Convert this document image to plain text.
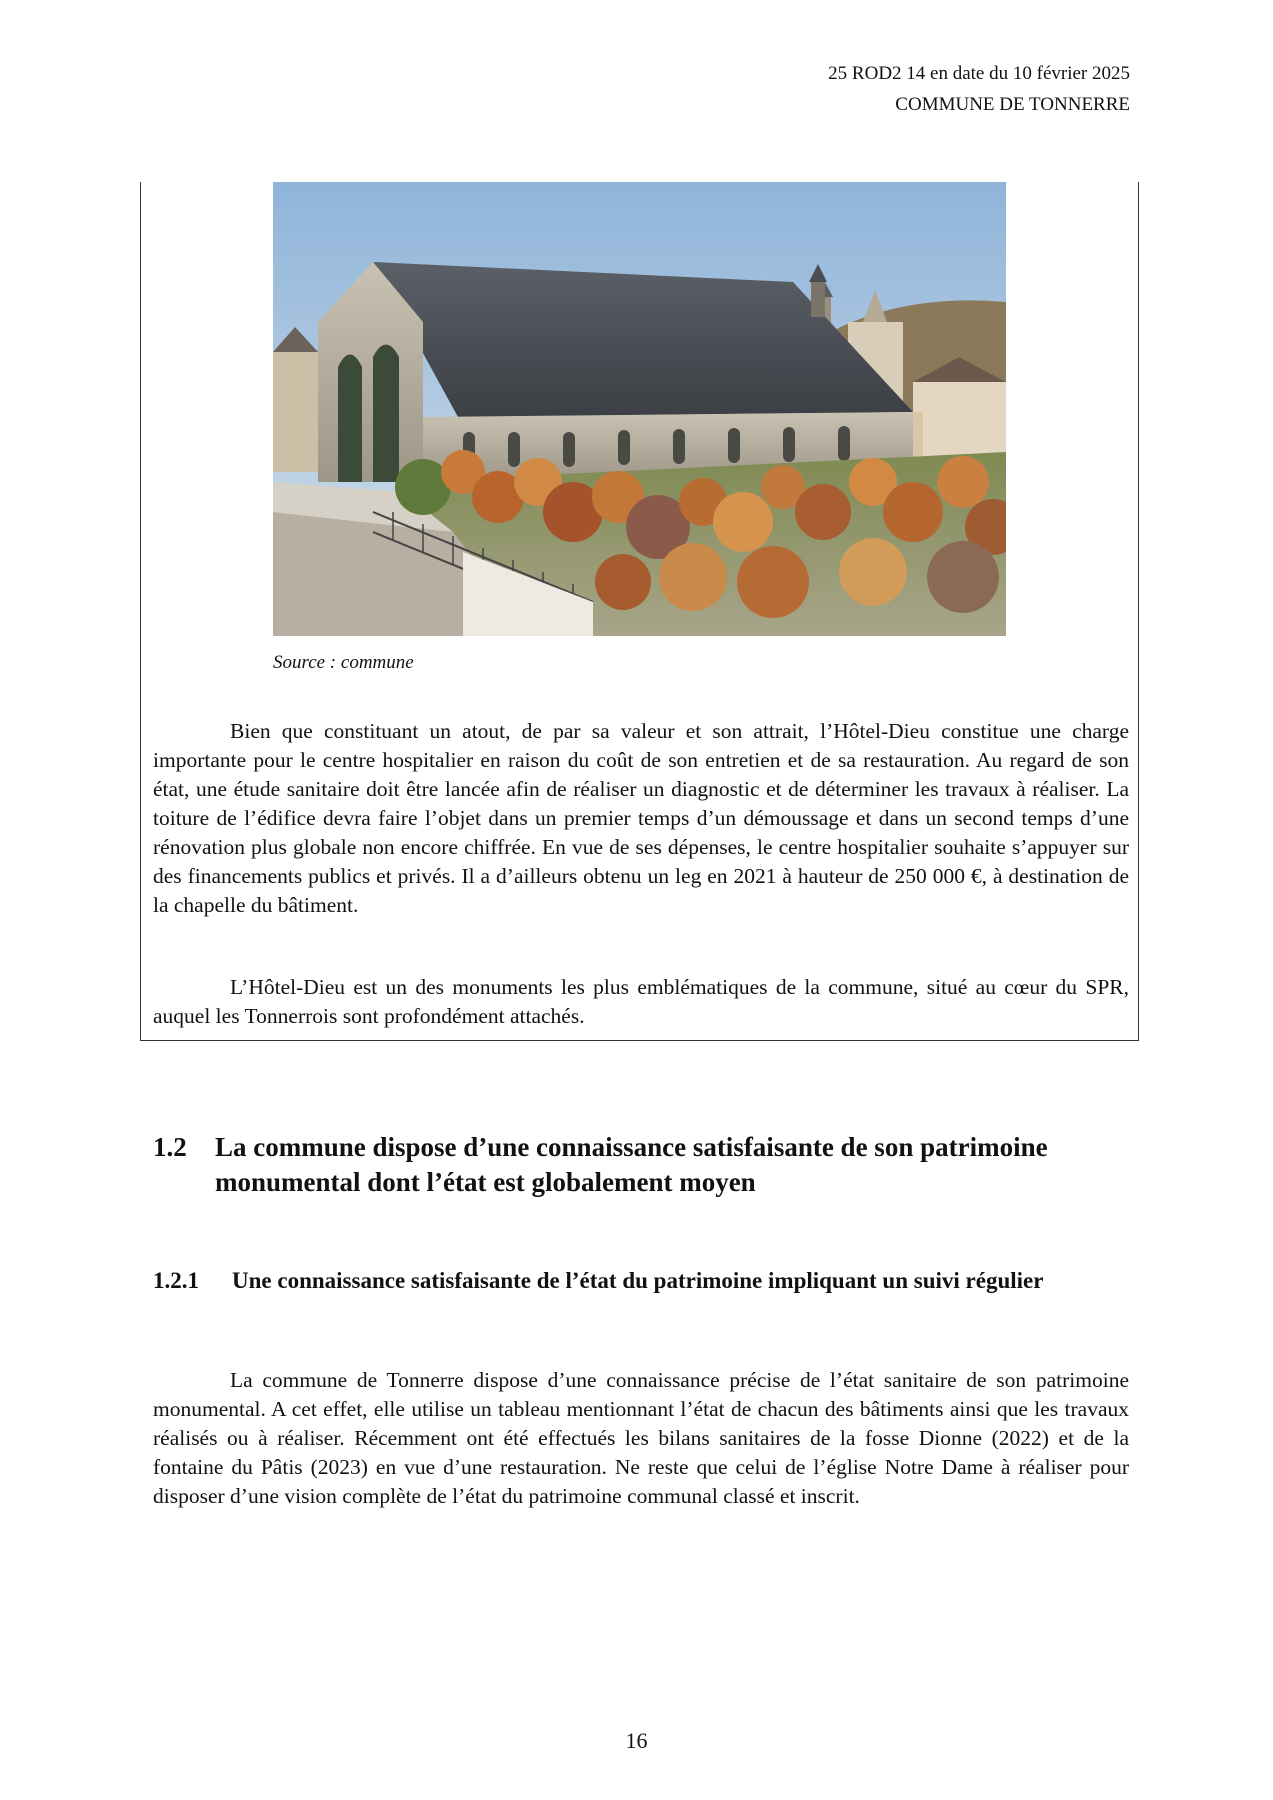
25 ROD2 14 en date du 10 février 2025
COMMUNE DE TONNERRE
Source : commune

Bien que constituant un atout, de par sa valeur et son attrait, l’Hôtel-Dieu constitue une charge importante pour le centre hospitalier en raison du coût de son entretien et de sa restauration. Au regard de son état, une étude sanitaire doit être lancée afin de réaliser un diagnostic et de déterminer les travaux à réaliser. La toiture de l’édifice devra faire l’objet dans un premier temps d’un démoussage et dans un second temps d’une rénovation plus globale non encore chiffrée. En vue de ses dépenses, le centre hospitalier souhaite s’appuyer sur des financements publics et privés. Il a d’ailleurs obtenu un leg en 2021 à hauteur de 250 000 €, à destination de la chapelle du bâtiment.

L’Hôtel-Dieu est un des monuments les plus emblématiques de la commune, situé au cœur du SPR, auquel les Tonnerrois sont profondément attachés.

1.2 La commune dispose d’une connaissance satisfaisante de son patrimoine monumental dont l’état est globalement moyen
1.2.1 Une connaissance satisfaisante de l’état du patrimoine impliquant un suivi régulier

La commune de Tonnerre dispose d’une connaissance précise de l’état sanitaire de son patrimoine monumental. A cet effet, elle utilise un tableau mentionnant l’état de chacun des bâtiments ainsi que les travaux réalisés ou à réaliser. Récemment ont été effectués les bilans sanitaires de la fosse Dionne (2022) et de la fontaine du Pâtis (2023) en vue d’une restauration. Ne reste que celui de l’église Notre Dame à réaliser pour disposer d’une vision complète de l’état du patrimoine communal classé et inscrit.

16
